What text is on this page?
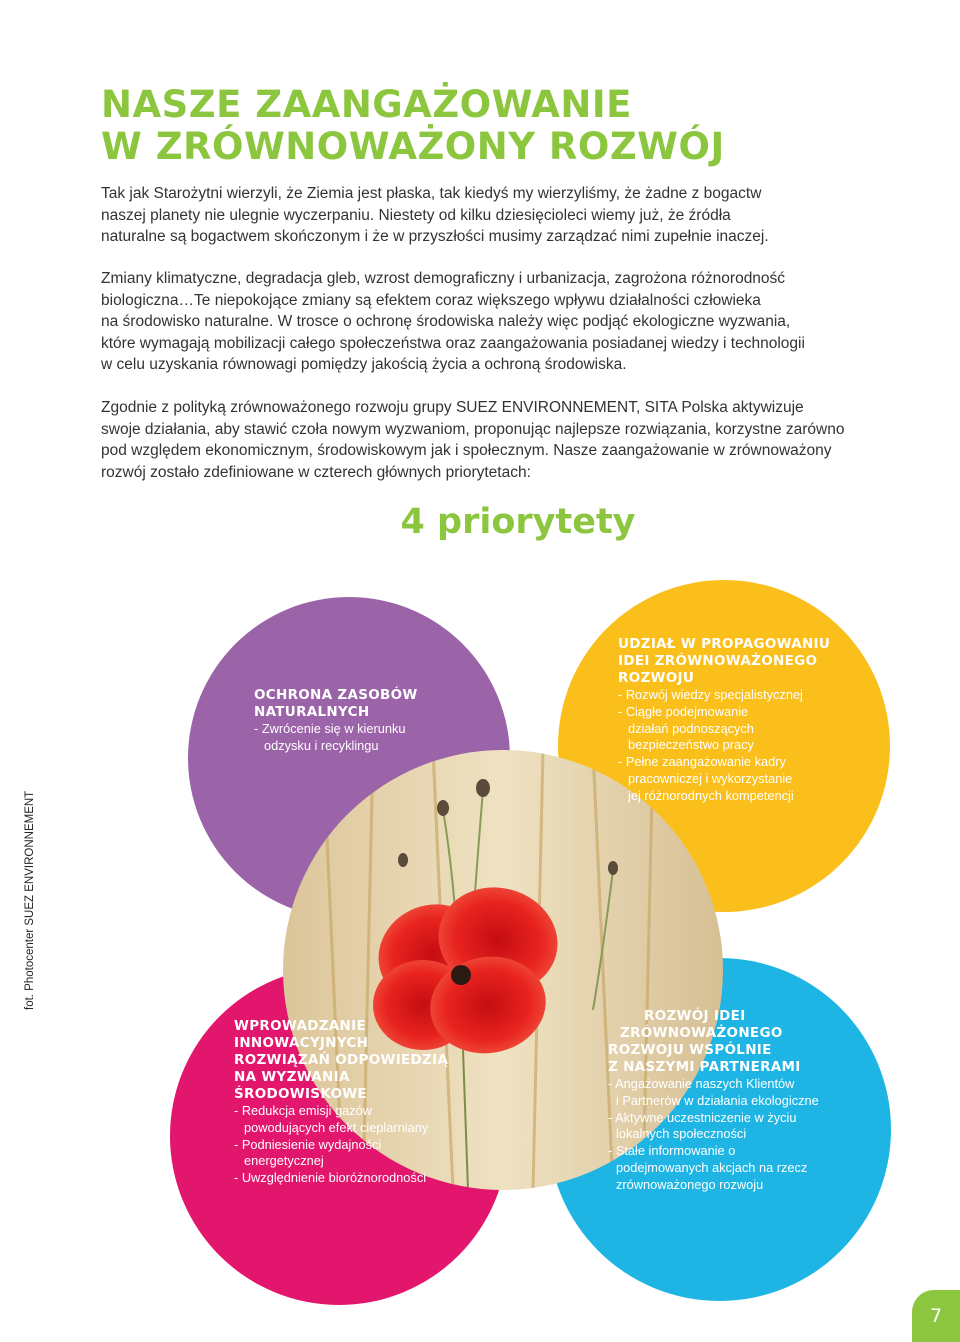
NASZE ZAANGAŻOWANIE
W ZRÓWNOWAŻONY ROZWÓJ
Tak jak Starożytni wierzyli, że Ziemia jest płaska, tak kiedyś my wierzyliśmy, że żadne z bogactw
naszej planety nie ulegnie wyczerpaniu. Niestety od kilku dziesięcioleci wiemy już, że źródła
naturalne są bogactwem skończonym i że w przyszłości musimy zarządzać nimi zupełnie inaczej.
Zmiany klimatyczne, degradacja gleb, wzrost demograficzny i urbanizacja, zagrożona różnorodność
biologiczna…Te niepokojące zmiany są efektem coraz większego wpływu działalności człowieka
na środowisko naturalne. W trosce o ochronę środowiska należy więc podjąć ekologiczne wyzwania,
które wymagają mobilizacji całego społeczeństwa oraz zaangażowania posiadanej wiedzy i technologii
w celu uzyskania równowagi pomiędzy jakością życia a ochroną środowiska.
Zgodnie z polityką zrównoważonego rozwoju grupy SUEZ ENVIRONNEMENT, SITA Polska aktywizuje
swoje działania, aby stawić czoła nowym wyzwaniom, proponując najlepsze rozwiązania, korzystne zarówno
pod względem ekonomicznym, środowiskowym jak i społecznym. Nasze zaangażowanie w zrównoważony
rozwój zostało zdefiniowane w czterech głównych priorytetach:
4 priorytety
OCHRONA ZASOBÓW
NATURALNYCH
- Zwrócenie się w kierunku
odzysku i recyklingu
UDZIAŁ W PROPAGOWANIU
IDEI ZRÓWNOWAŻONEGO
ROZWOJU
- Rozwój wiedzy specjalistycznej
- Ciągłe podejmowanie
działań podnoszących
bezpieczeństwo pracy
- Pełne zaangażowanie kadry
pracowniczej i wykorzystanie
jej różnorodnych kompetencji
WPROWADZANIE
INNOWACYJNYCH
ROZWIĄZAŃ ODPOWIEDZIĄ
NA WYZWANIA
ŚRODOWISKOWE
- Redukcja emisji gazów
powodujących efekt cieplarniany
- Podniesienie wydajności
energetycznej
- Uwzględnienie bioróżnorodności
ROZWÓJ IDEI
ZRÓWNOWAŻONEGO
ROZWOJU WSPÓLNIE
Z NASZYMI PARTNERAMI
- Angażowanie naszych Klientów
i Partnerów w działania ekologiczne
- Aktywne uczestniczenie w życiu
lokalnych społeczności
- Stałe informowanie o
podejmowanych akcjach na rzecz
zrównoważonego rozwoju
fot. Photocenter SUEZ ENVIRONNEMENT
7
